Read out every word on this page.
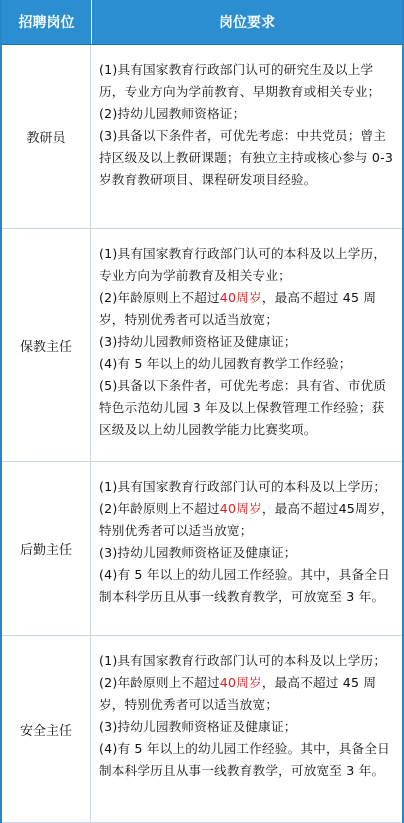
招聘岗位	岗位要求
教研员
(1)具有国家教育行政部门认可的研究生及以上学历，专业方向为学前教育、早期教育或相关专业；
(2)持幼儿园教师资格证；
(3)具备以下条件者，可优先考虑：中共党员；曾主持区级及以上教研课题；有独立主持或核心参与 0-3 岁教育教研项目、课程研发项目经验。
保教主任
(1)具有国家教育行政部门认可的本科及以上学历，专业方向为学前教育及相关专业；
(2)年龄原则上不超过40周岁，最高不超过 45 周岁，特别优秀者可以适当放宽；
(3)持幼儿园教师资格证及健康证；
(4)有 5 年以上的幼儿园教育教学工作经验；
(5)具备以下条件者，可优先考虑：具有省、市优质特色示范幼儿园 3 年及以上保教管理工作经验；获区级及以上幼儿园教学能力比赛奖项。
后勤主任
(1)具有国家教育行政部门认可的本科及以上学历；
(2)年龄原则上不超过40周岁，最高不超过45周岁，特别优秀者可以适当放宽；
(3)持幼儿园教师资格证及健康证；
(4)有 5 年以上的幼儿园工作经验。其中，具备全日制本科学历且从事一线教育教学，可放宽至 3 年。
安全主任
(1)具有国家教育行政部门认可的本科及以上学历；
(2)年龄原则上不超过40周岁，最高不超过 45 周岁，特别优秀者可以适当放宽；
(3)持幼儿园教师资格证及健康证；
(4)有 5 年以上的幼儿园工作经验。其中，具备全日制本科学历且从事一线教育教学，可放宽至 3 年。
